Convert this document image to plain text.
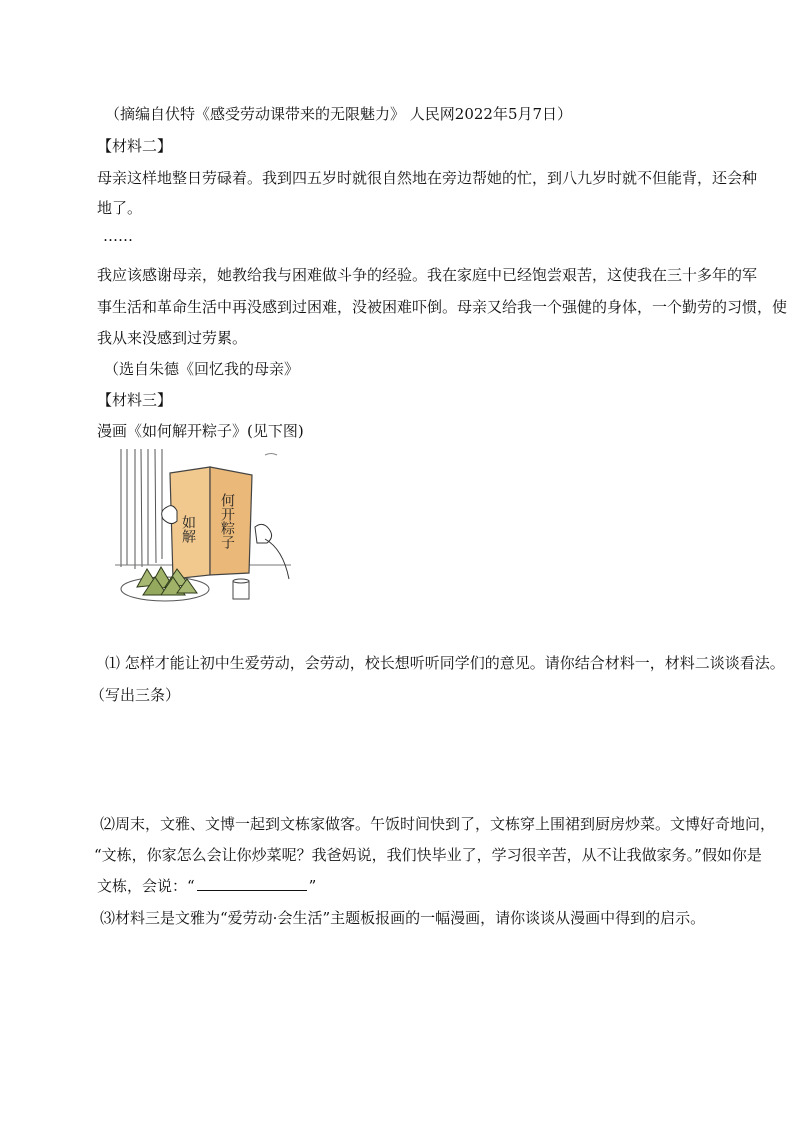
（摘编自伏特《感受劳动课带来的无限魅力》 人民网2022年5月7日）
【材料二】
母亲这样地整日劳碌着。我到四五岁时就很自然地在旁边帮她的忙，到八九岁时就不但能背，还会种
地了。
……
我应该感谢母亲，她教给我与困难做斗争的经验。我在家庭中已经饱尝艰苦，这使我在三十多年的军
事生活和革命生活中再没感到过困难，没被困难吓倒。母亲又给我一个强健的身体，一个勤劳的习惯，使
我从来没感到过劳累。
（选自朱德《回忆我的母亲》
【材料三】
漫画《如何解开粽子》(见下图)
如解 何开粽子
⑴ 怎样才能让初中生爱劳动，会劳动，校长想听听同学们的意见。请你结合材料一，材料二谈谈看法。
（写出三条）
⑵周末，文雅、文博一起到文栋家做客。午饭时间快到了，文栋穿上围裙到厨房炒菜。文博好奇地问，
“文栋，你家怎么会让你炒菜呢？我爸妈说，我们快毕业了，学习很辛苦，从不让我做家务。”假如你是
文栋，会说：“	”
⑶材料三是文雅为“爱劳动·会生活”主题板报画的一幅漫画，请你谈谈从漫画中得到的启示。
